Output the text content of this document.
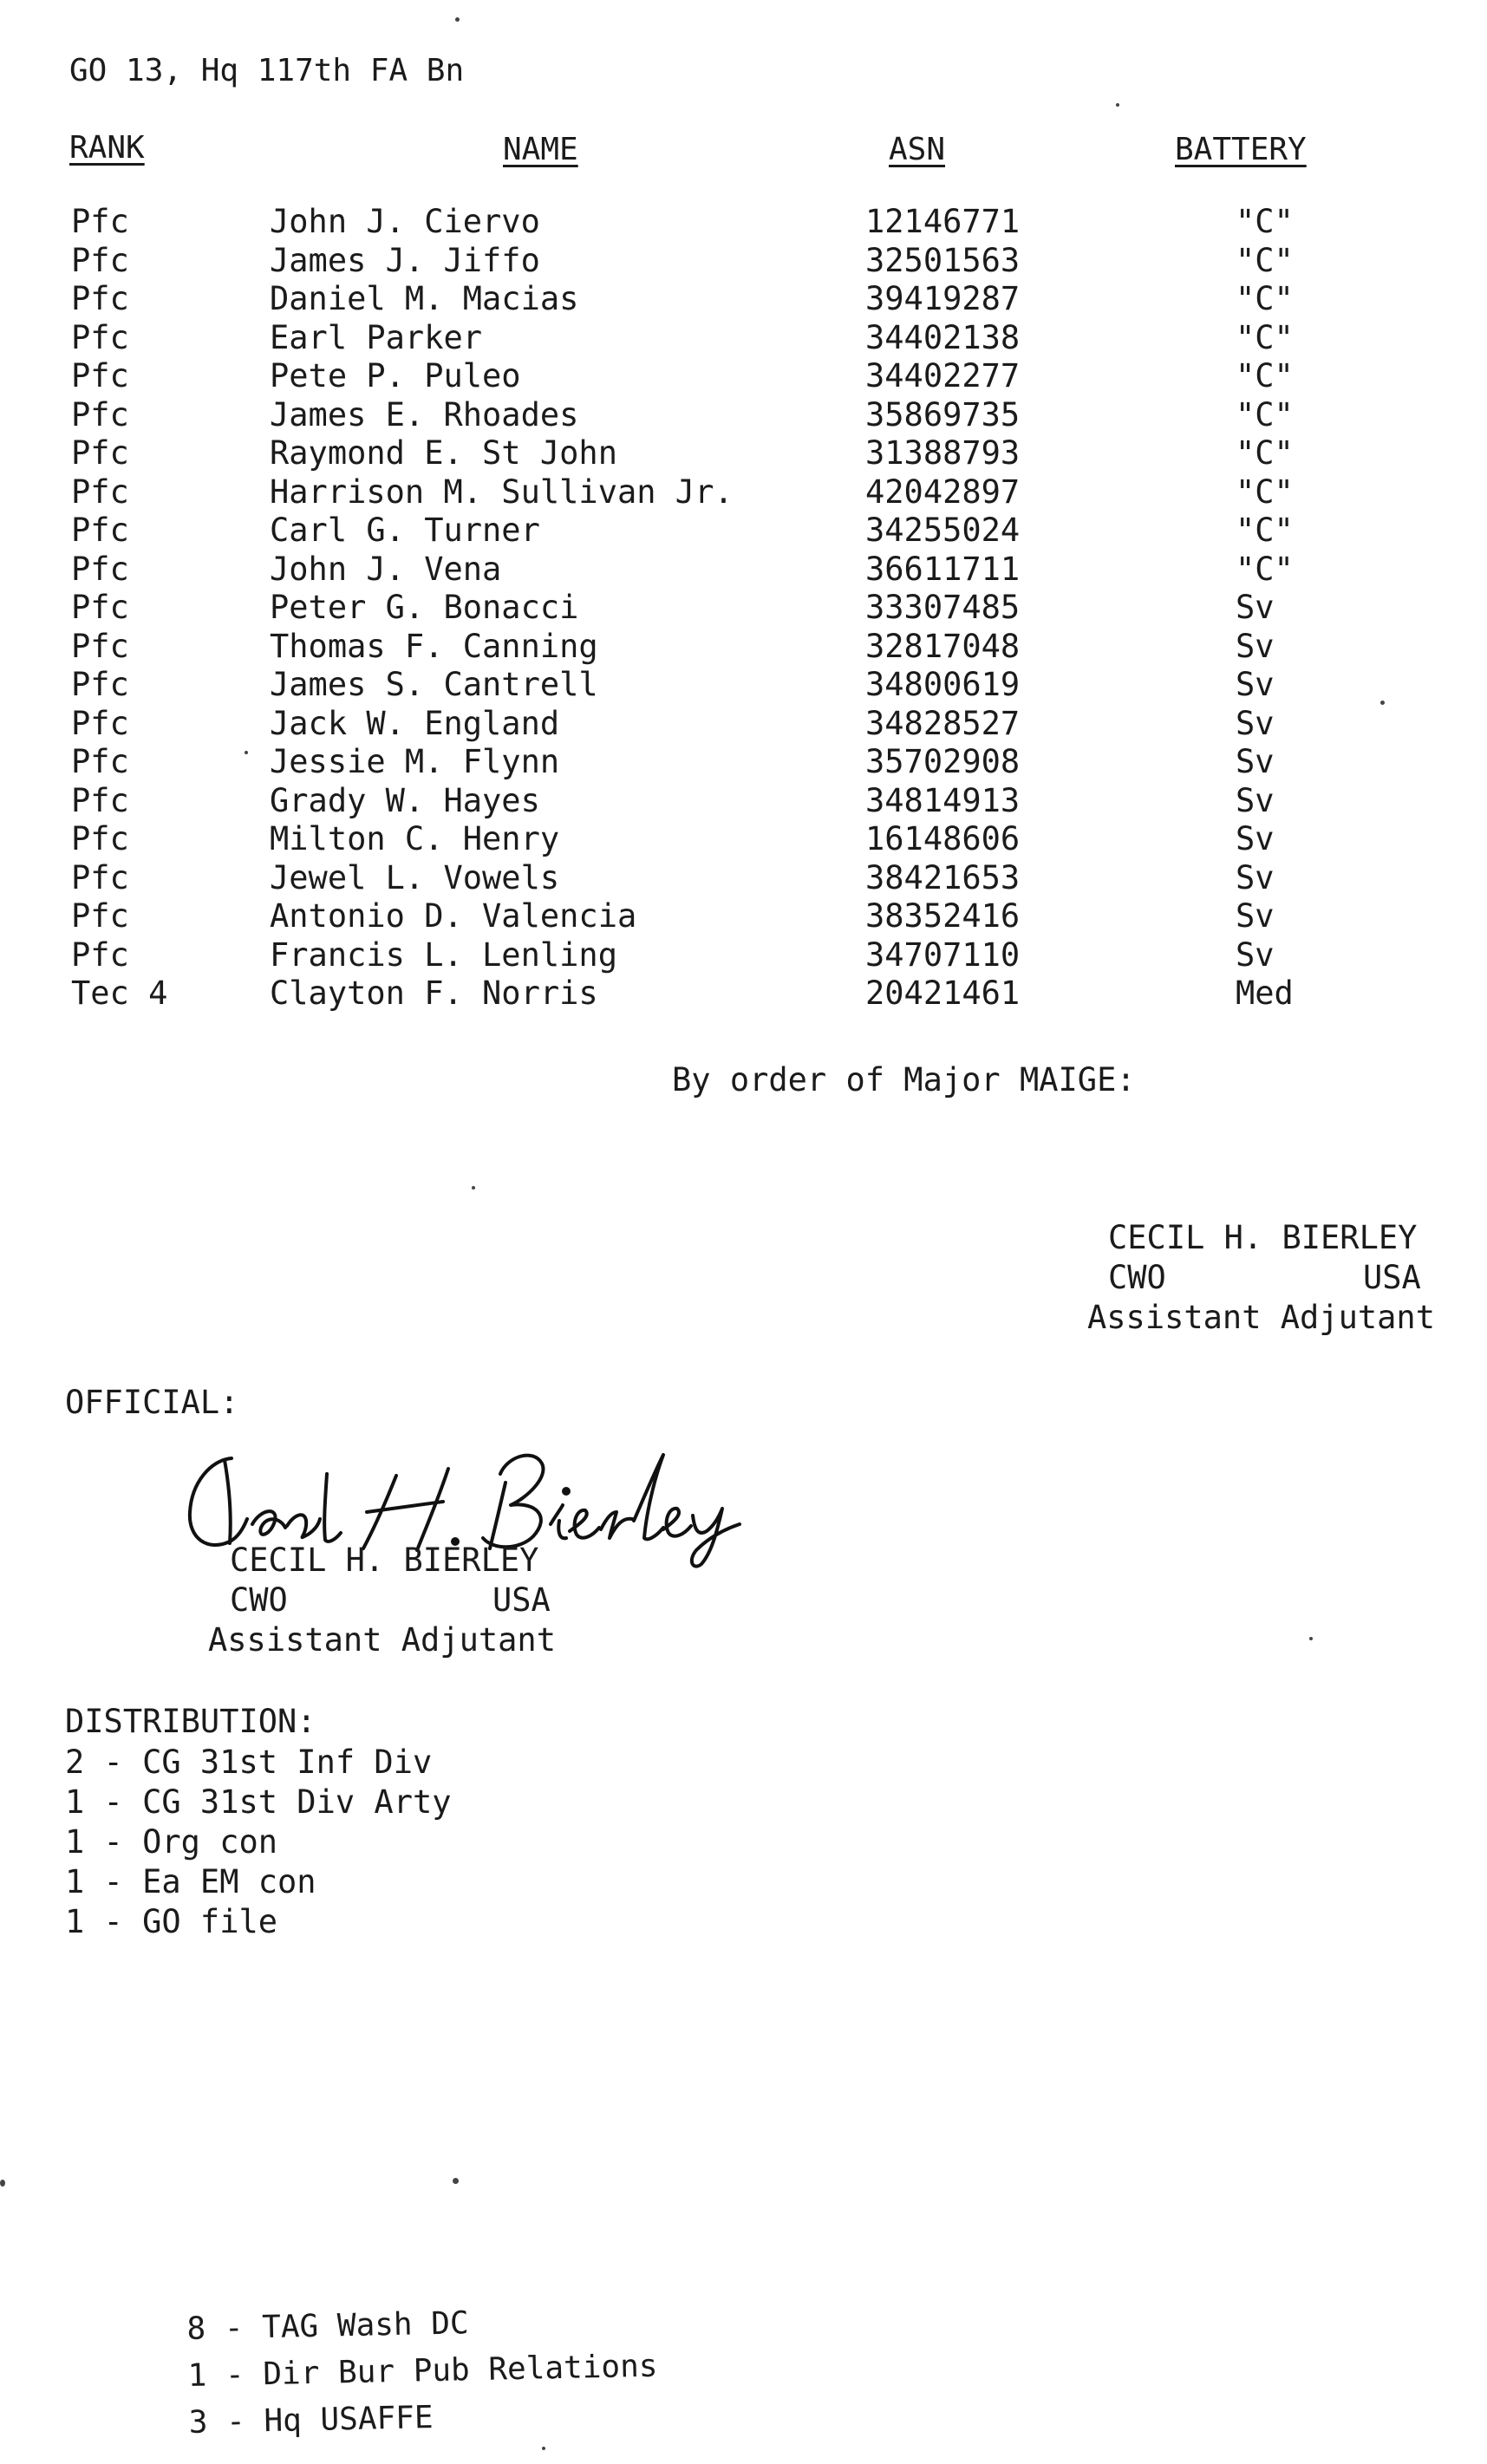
GO 13, Hq 117th FA Bn
RANK	NAME	ASN	BATTERY
Pfc	John J. Ciervo	12146771	"C"
Pfc	James J. Jiffo	32501563	"C"
Pfc	Daniel M. Macias	39419287	"C"
Pfc	Earl Parker	34402138	"C"
Pfc	Pete P. Puleo	34402277	"C"
Pfc	James E. Rhoades	35869735	"C"
Pfc	Raymond E. St John	31388793	"C"
Pfc	Harrison M. Sullivan Jr.	42042897	"C"
Pfc	Carl G. Turner	34255024	"C"
Pfc	John J. Vena	36611711	"C"
Pfc	Peter G. Bonacci	33307485	Sv
Pfc	Thomas F. Canning	32817048	Sv
Pfc	James S. Cantrell	34800619	Sv
Pfc	Jack W. England	34828527	Sv
Pfc	Jessie M. Flynn	35702908	Sv
Pfc	Grady W. Hayes	34814913	Sv
Pfc	Milton C. Henry	16148606	Sv
Pfc	Jewel L. Vowels	38421653	Sv
Pfc	Antonio D. Valencia	38352416	Sv
Pfc	Francis L. Lenling	34707110	Sv
Tec 4	Clayton F. Norris	20421461	Med
By order of Major MAIGE:
CECIL H. BIERLEY
CWO	USA
Assistant Adjutant
OFFICIAL:
CECIL H. BIERLEY
CWO	USA
Assistant Adjutant
DISTRIBUTION:
2 - CG 31st Inf Div
1 - CG 31st Div Arty
1 - Org con
1 - Ea EM con
1 - GO file
8 - TAG Wash DC
1 - Dir Bur Pub Relations
3 - Hq USAFFE
